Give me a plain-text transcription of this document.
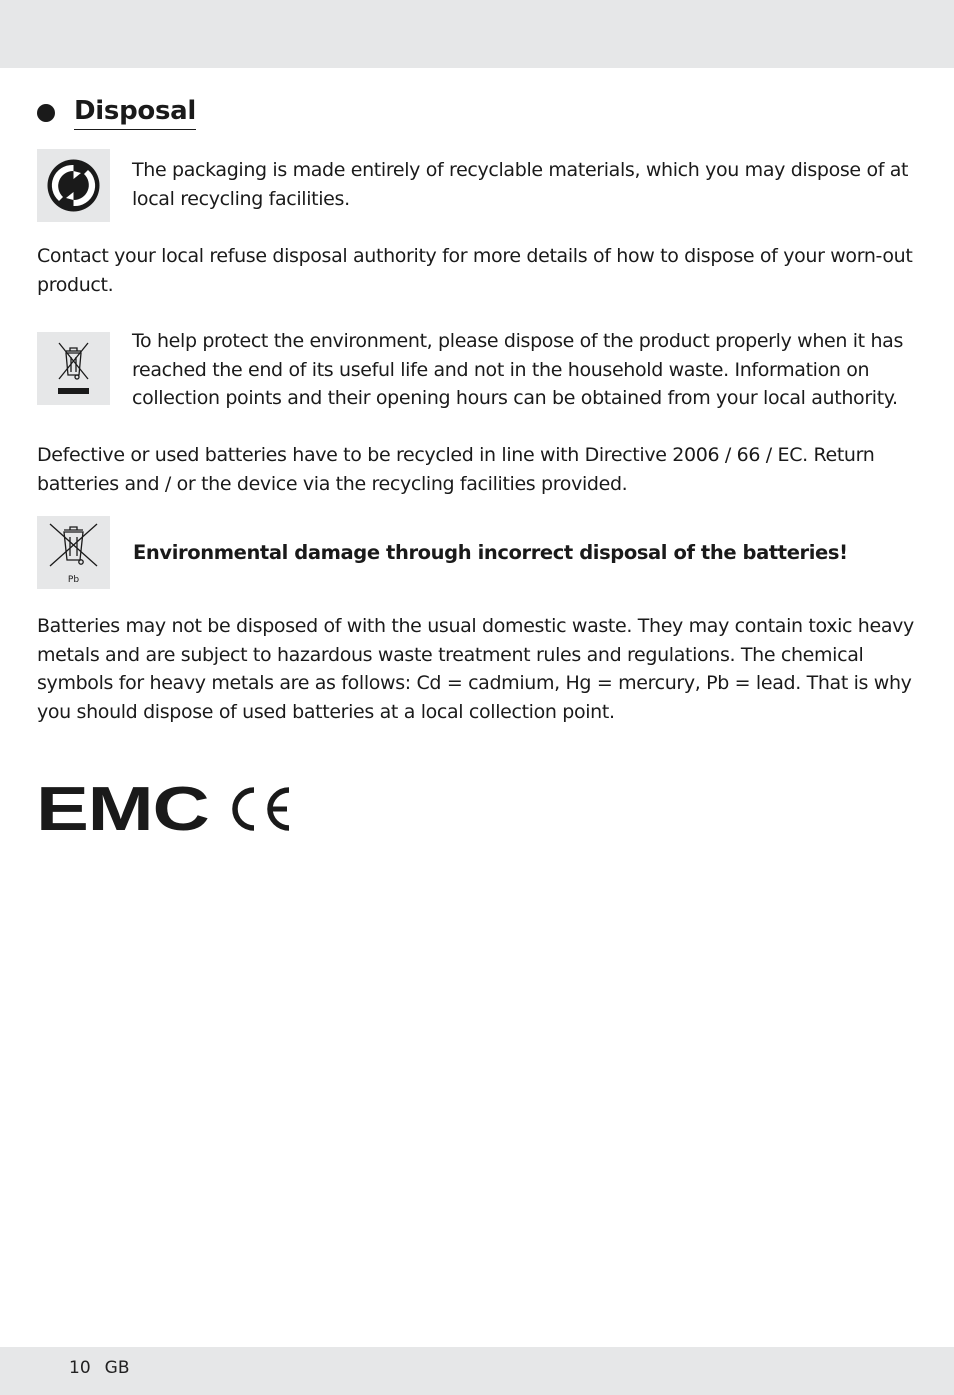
Disposal
The packaging is made entirely of recyclable materials, which you may dispose of at local recycling facilities.
Contact your local refuse disposal authority for more details of how to dispose of your worn-out product.
To help protect the environment, please dispose of the product properly when it has reached the end of its useful life and not in the household waste. Information on collection points and their opening hours can be obtained from your local authority.
Defective or used batteries have to be recycled in line with Directive 2006 / 66 / EC. Return batteries and / or the device via the recycling facilities provided.
Pb
Environmental damage through incorrect disposal of the batteries!
Batteries may not be disposed of with the usual domestic waste. They may contain toxic heavy metals and are subject to hazardous waste treatment rules and regulations. The chemical symbols for heavy metals are as follows: Cd = cadmium, Hg = mercury, Pb = lead. That is why you should dispose of used batteries at a local collection point.
EMC
10 GB
